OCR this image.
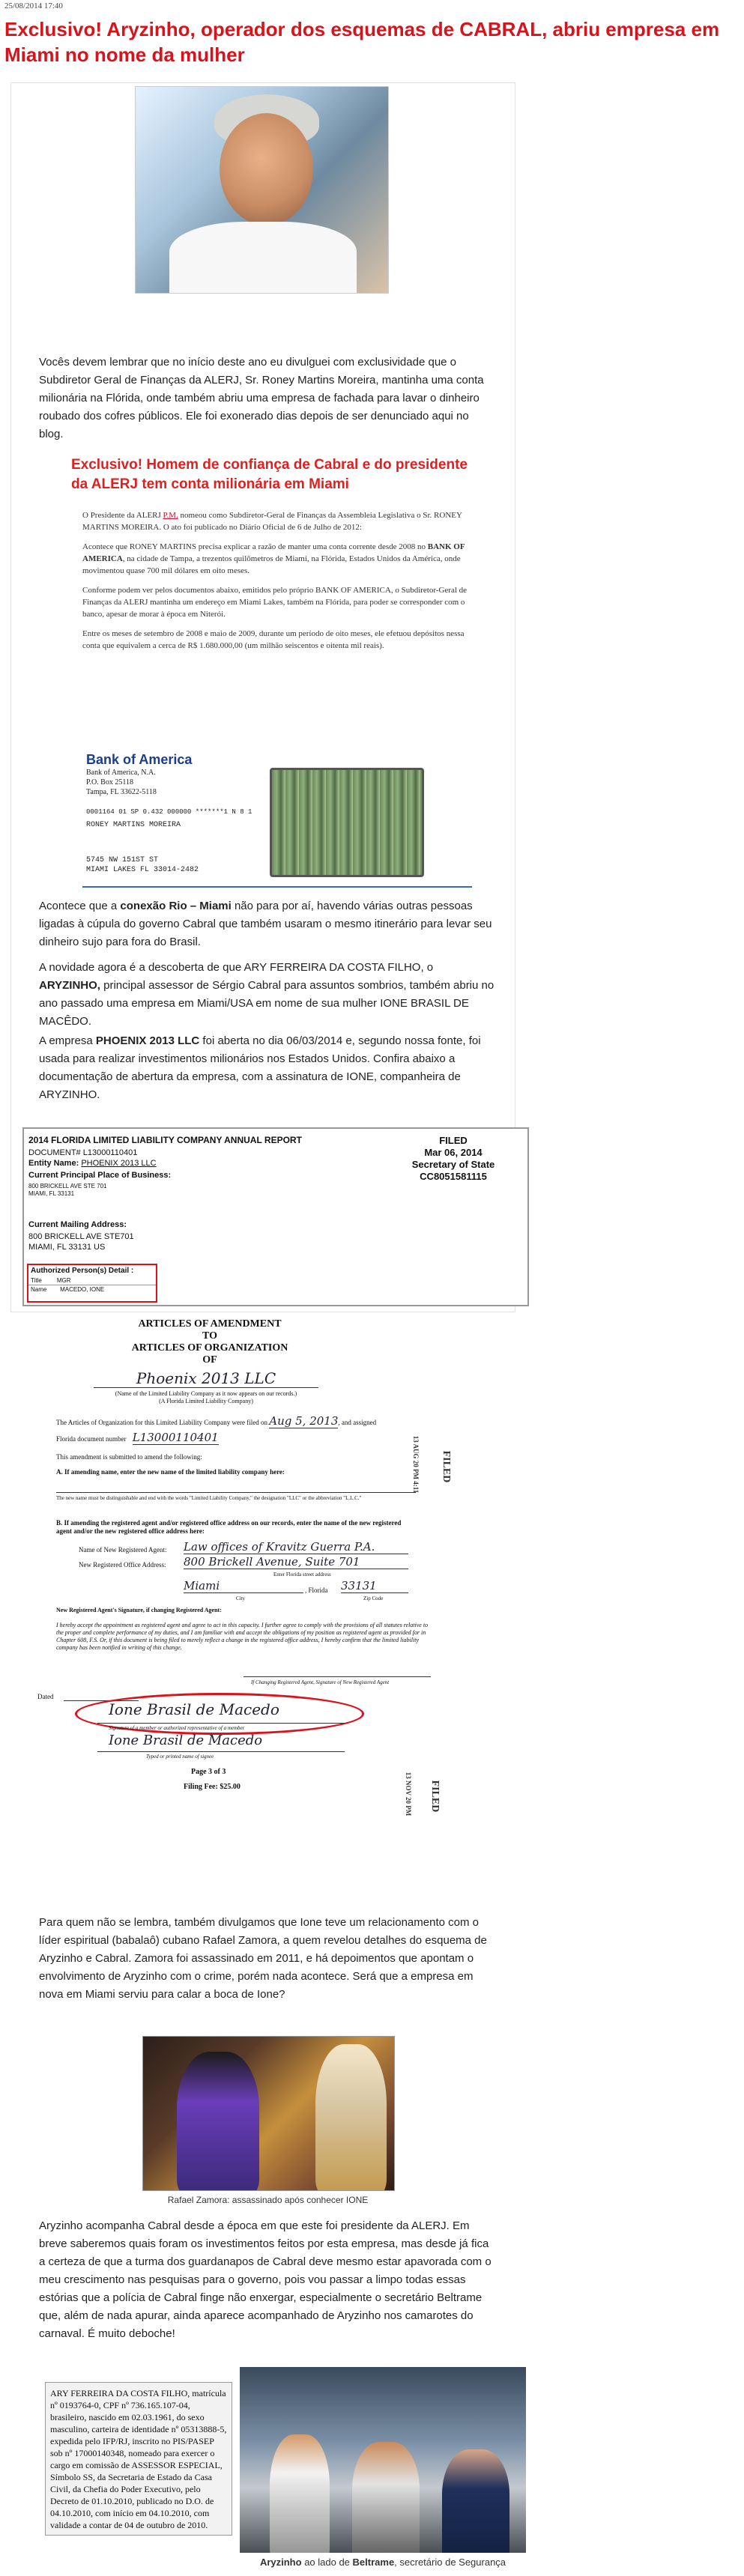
25/08/2014 17:40
Exclusivo! Aryzinho, operador dos esquemas de CABRAL, abriu empresa em Miami no nome da mulher

Vocês devem lembrar que no início deste ano eu divulguei com exclusividade que o Subdiretor Geral de Finanças da ALERJ, Sr. Roney Martins Moreira, mantinha uma conta milionária na Flórida, onde também abriu uma empresa de fachada para lavar o dinheiro roubado dos cofres públicos. Ele foi exonerado dias depois de ser denunciado aqui no blog.

Exclusivo! Homem de confiança de Cabral e do presidente da ALERJ tem conta milionária em Miami

O Presidente da ALERJ P.M. nomeou como Subdiretor-Geral de Finanças da Assembleia Legislativa o Sr. RONEY MARTINS MOREIRA. O ato foi publicado no Diário Oficial de 6 de Julho de 2012:

Acontece que RONEY MARTINS precisa explicar a razão de manter uma conta corrente desde 2008 no BANK OF AMERICA, na cidade de Tampa, a trezentos quilômetros de Miami, na Flórida, Estados Unidos da América, onde movimentou quase 700 mil dólares em oito meses.

Conforme podem ver pelos documentos abaixo, emitidos pelo próprio BANK OF AMERICA, o Subdiretor-Geral de Finanças da ALERJ mantinha um endereço em Miami Lakes, também na Flórida, para poder se corresponder com o banco, apesar de morar à época em Niterói.

Entre os meses de setembro de 2008 e maio de 2009, durante um período de oito meses, ele efetuou depósitos nessa conta que equivalem a cerca de R$ 1.680.000,00 (um milhão seiscentos e oitenta mil reais).

Bank of America
Bank of America, N.A.
P.O. Box 25118
Tampa, FL 33622-5118
0001164 01 SP 0.432 000000 *******1 N 8 1
RONEY MARTINS MOREIRA
5745 NW 151ST ST
MIAMI LAKES FL 33014-2482

Acontece que a conexão Rio – Miami não para por aí, havendo várias outras pessoas ligadas à cúpula do governo Cabral que também usaram o mesmo itinerário para levar seu dinheiro sujo para fora do Brasil.

A novidade agora é a descoberta de que ARY FERREIRA DA COSTA FILHO, o ARYZINHO, principal assessor de Sérgio Cabral para assuntos sombrios, também abriu no ano passado uma empresa em Miami/USA em nome de sua mulher IONE BRASIL DE MACÊDO.

A empresa PHOENIX 2013 LLC foi aberta no dia 06/03/2014 e, segundo nossa fonte, foi usada para realizar investimentos milionários nos Estados Unidos. Confira abaixo a documentação de abertura da empresa, com a assinatura de IONE, companheira de ARYZINHO.

2014 FLORIDA LIMITED LIABILITY COMPANY ANNUAL REPORT
DOCUMENT# L13000110401
Entity Name: PHOENIX 2013 LLC
Current Principal Place of Business:
800 BRICKELL AVE STE 701
MIAMI, FL 33131
Current Mailing Address:
800 BRICKELL AVE STE701
MIAMI, FL 33131 US
FILED
Mar 06, 2014
Secretary of State
CC8051581115
Authorized Person(s) Detail :
Title	MGR
Name MACEDO, IONE
ARTICLES OF AMENDMENT
TO
ARTICLES OF ORGANIZATION
OF
Phoenix 2013 LLC
(Name of the Limited Liability Company as it now appears on our records.)
(A Florida Limited Liability Company)
The Articles of Organization for this Limited Liability Company were filed on Aug 5, 2013, and assigned
Florida document number L13000110401
This amendment is submitted to amend the following:
A. If amending name, enter the new name of the limited liability company here:
The new name must be distinguishable and end with the words "Limited Liability Company," the designation "LLC" or the abbreviation "L.L.C."
B. If amending the registered agent and/or registered office address on our records, enter the name of the new registered agent and/or the new registered office address here:
Name of New Registered Agent: Law offices of Kravitz Guerra P.A.
New Registered Office Address: 800 Brickell Avenue, Suite 701
Enter Florida street address
Miami	, Florida 33131
City	Zip Code
New Registered Agent's Signature, if changing Registered Agent:
I hereby accept the appointment as registered agent and agree to act in this capacity. I further agree to comply with the provisions of all statutes relative to the proper and complete performance of my duties, and I am familiar with and accept the obligations of my position as registered agent as provided for in Chapter 608, F.S. Or, if this document is being filed to merely reflect a change in the registered office address, I hereby confirm that the limited liability company has been notified in writing of this change.
If Changing Registered Agent, Signature of New Registered Agent
Dated
Ione Brasil de Macedo
Signature of a member or authorized representative of a member
Ione Brasil de Macedo
Typed or printed name of signee
Page 3 of 3
Filing Fee: $25.00
13 AUG 20 PM 4:11 FILED
13 NOV 20 PM FILED

Para quem não se lembra, também divulgamos que Ione teve um relacionamento com o líder espiritual (babalaô) cubano Rafael Zamora, a quem revelou detalhes do esquema de Aryzinho e Cabral. Zamora foi assassinado em 2011, e há depoimentos que apontam o envolvimento de Aryzinho com o crime, porém nada acontece. Será que a empresa em nova em Miami serviu para calar a boca de Ione?

Rafael Zamora: assassinado após conhecer IONE

Aryzinho acompanha Cabral desde a época em que este foi presidente da ALERJ. Em breve saberemos quais foram os investimentos feitos por esta empresa, mas desde já fica a certeza de que a turma dos guardanapos de Cabral deve mesmo estar apavorada com o meu crescimento nas pesquisas para o governo, pois vou passar a limpo todas essas estórias que a polícia de Cabral finge não enxergar, especialmente o secretário Beltrame que, além de nada apurar, ainda aparece acompanhado de Aryzinho nos camarotes do carnaval. É muito deboche!

ARY FERREIRA DA COSTA FILHO, matrícula nº 0193764-0, CPF nº 736.165.107-04, brasileiro, nascido em 02.03.1961, do sexo masculino, carteira de identidade nº 05313888-5, expedida pelo IFP/RJ, inscrito no PIS/PASEP sob nº 17000140348, nomeado para exercer o cargo em comissão de ASSESSOR ESPECIAL, Símbolo SS, da Secretaria de Estado da Casa Civil, da Chefia do Poder Executivo, pelo Decreto de 01.10.2010, publicado no D.O. de 04.10.2010, com início em 04.10.2010, com validade a contar de 04 de outubro de 2010.
Aryzinho ao lado de Beltrame, secretário de Segurança
